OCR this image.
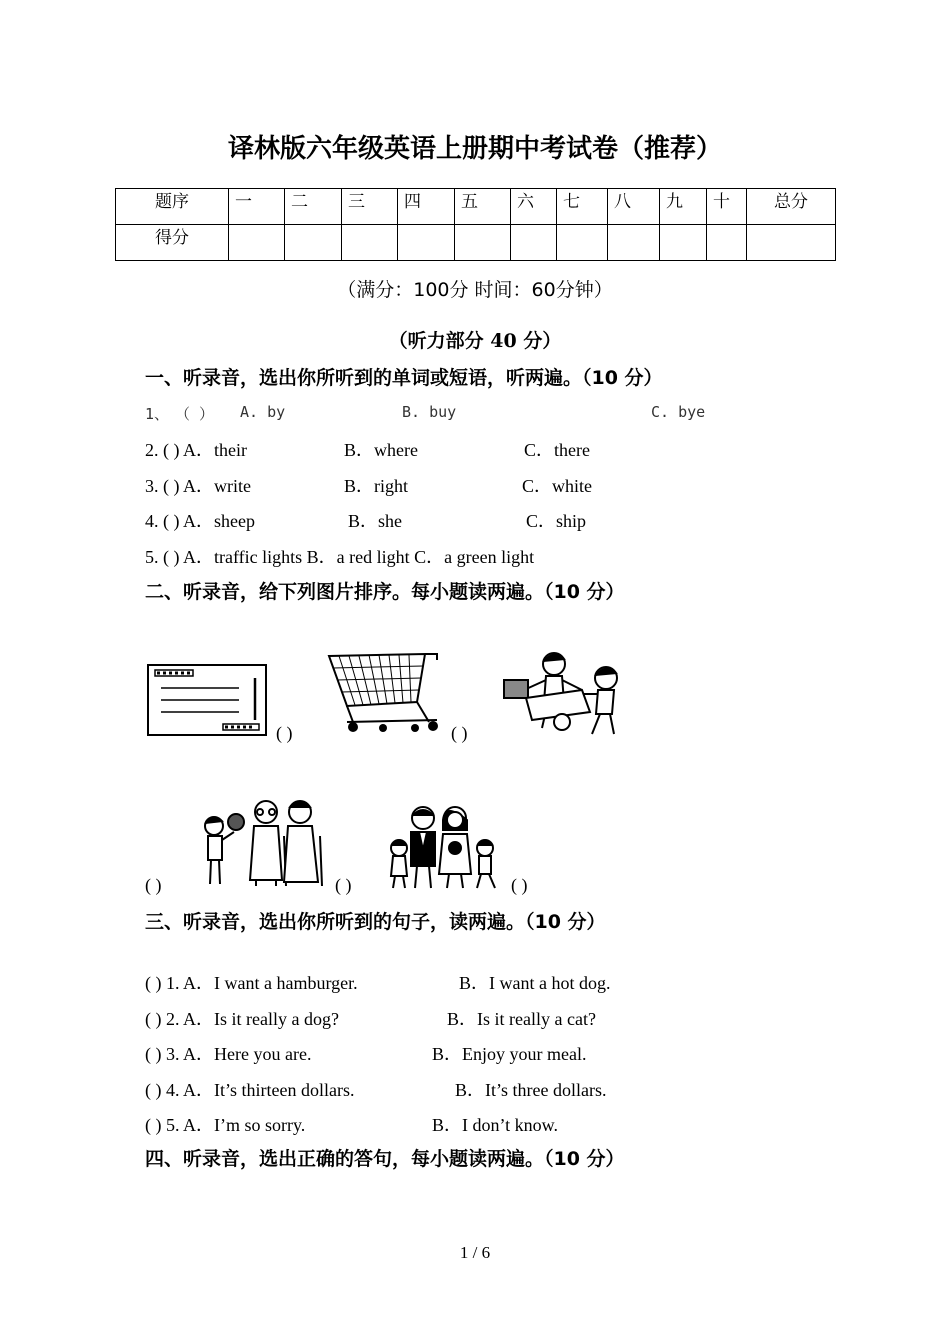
译林版六年级英语上册期中考试卷（推荐）
题序	一	二	三	四	五	六	七	八	九	十	总分
得分											
（满分：100分 时间：60分钟）
（听力部分 40 分）
一、听录音，选出你所听到的单词或短语，听两遍。（10 分）
1、 （ ） A. by	B. buy	C. bye
2. ( ) A．their	B．where	C．there
3. ( ) A．write	B．right	C．white
4. ( ) A．sheep	B．she	C．ship
5. ( ) A．traffic lights B．a red light C．a green light
二、听录音，给下列图片排序。每小题读两遍。（10 分）
( )	( )
( )	( )	( )
三、听录音，选出你所听到的句子，读两遍。（10 分）
( ) 1. A．I want a hamburger.	B．I want a hot dog.
( ) 2. A．Is it really a dog?	B．Is it really a cat?
( ) 3. A．Here you are.	B．Enjoy your meal.
( ) 4. A．It’s thirteen dollars.	B．It’s three dollars.
( ) 5. A．I’m so sorry.	B．I don’t know.
四、听录音，选出正确的答句，每小题读两遍。（10 分）
1 / 6
